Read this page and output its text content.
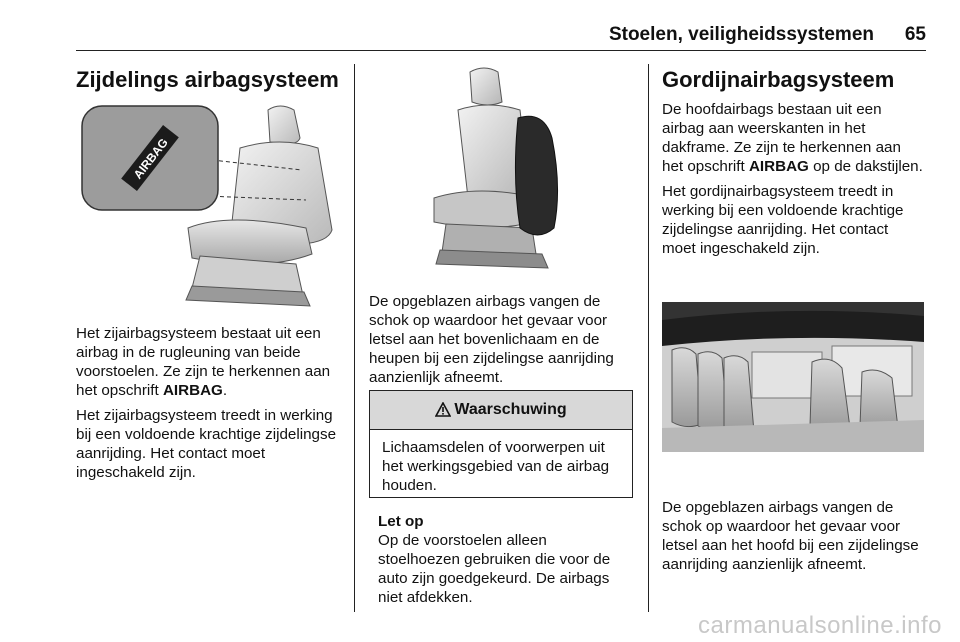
Stoelen, veiligheidssystemen 65
Zijdelings airbagsysteem
AIRBAG

Het zijairbagsysteem bestaat uit een airbag in de rugleuning van beide voorstoelen. Ze zijn te herkennen aan het opschrift AIRBAG.

Het zijairbagsysteem treedt in werking bij een voldoende krachtige zijdelingse aanrijding. Het contact moet ingeschakeld zijn.

De opgeblazen airbags vangen de schok op waardoor het gevaar voor letsel aan het bovenlichaam en de heupen bij een zijdelingse aanrijding aanzienlijk afneemt.

Waarschuwing
Lichaamsdelen of voorwerpen uit het werkingsgebied van de airbag houden.
Let op

Op de voorstoelen alleen stoelhoezen gebruiken die voor de auto zijn goedgekeurd. De airbags niet afdekken.

Gordijnairbagsysteem

De hoofdairbags bestaan uit een airbag aan weerskanten in het dakframe. Ze zijn te herkennen aan het opschrift AIRBAG op de dakstijlen.

Het gordijnairbagsysteem treedt in werking bij een voldoende krachtige zijdelingse aanrijding. Het contact moet ingeschakeld zijn.

De opgeblazen airbags vangen de schok op waardoor het gevaar voor letsel aan het hoofd bij een zijdelingse aanrijding aanzienlijk afneemt.

carmanualsonline.info
